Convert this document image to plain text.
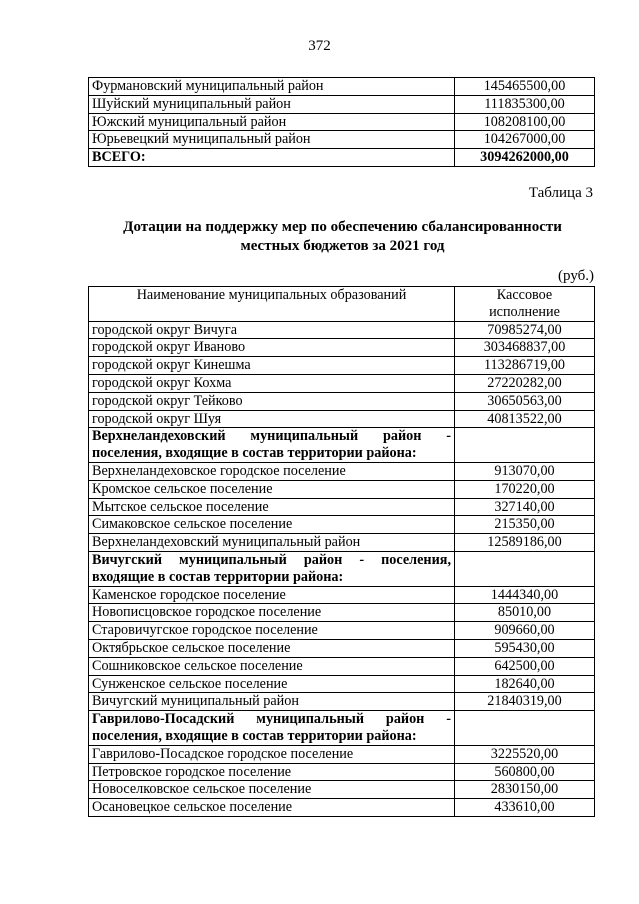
372
Фурмановский муниципальный район	145465500,00
Шуйский муниципальный район	111835300,00
Южский муниципальный район	108208100,00
Юрьевецкий муниципальный район	104267000,00
ВСЕГО:	3094262000,00
Таблица 3
Дотации на поддержку мер по обеспечению сбалансированности
местных бюджетов за 2021 год
(руб.)
Наименование муниципальных образований	Кассовое
исполнение

городской округ Вичуга	70985274,00
городской округ Иваново	303468837,00
городской округ Кинешма	113286719,00
городской округ Кохма	27220282,00
городской округ Тейково	30650563,00
городской округ Шуя	40813522,00
Верхнеландеховский муниципальный район - поселения, входящие в состав территории района:	
Верхнеландеховское городское поселение	913070,00
Кромское сельское поселение	170220,00
Мытское сельское поселение	327140,00
Симаковское сельское поселение	215350,00
Верхнеландеховский муниципальный район	12589186,00
Вичугский муниципальный район - поселения, входящие в состав территории района:	
Каменское городское поселение	1444340,00
Новописцовское городское поселение	85010,00
Старовичугское городское поселение	909660,00
Октябрьское сельское поселение	595430,00
Сошниковское сельское поселение	642500,00
Сунженское сельское поселение	182640,00
Вичугский муниципальный район	21840319,00
Гаврилово-Посадский муниципальный район - поселения, входящие в состав территории района:	
Гаврилово-Посадское городское поселение	3225520,00
Петровское городское поселение	560800,00
Новоселковское сельское поселение	2830150,00
Осановецкое сельское поселение	433610,00
